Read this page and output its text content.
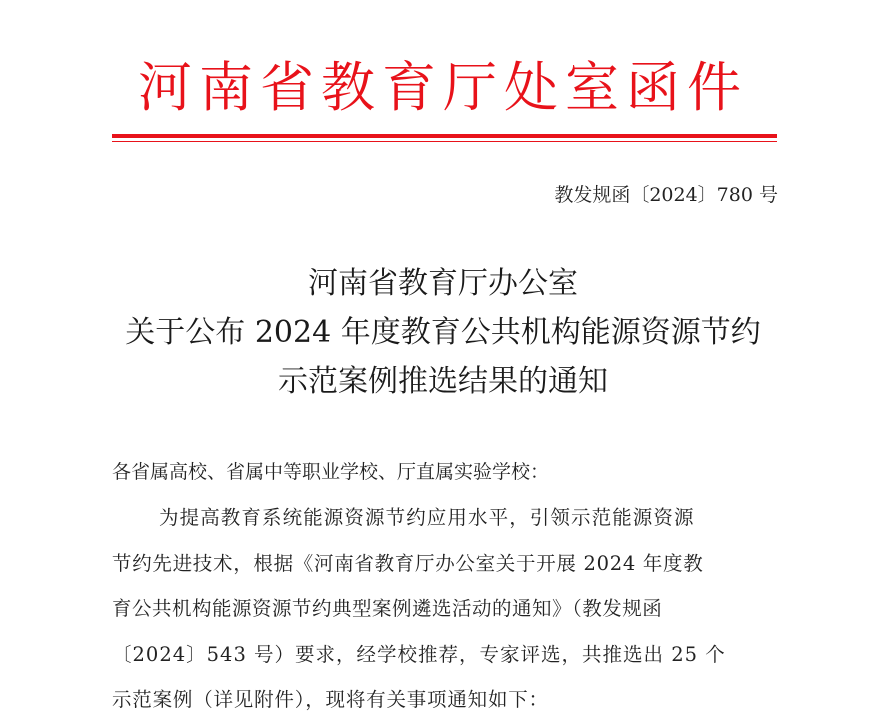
河南省教育厅处室函件
教发规函〔2024〕780 号
河南省教育厅办公室
关于公布 2024 年度教育公共机构能源资源节约
示范案例推选结果的通知
各省属高校、省属中等职业学校、厅直属实验学校：
为提高教育系统能源资源节约应用水平，引领示范能源资源
节约先进技术，根据《河南省教育厅办公室关于开展 2024 年度教
育公共机构能源资源节约典型案例遴选活动的通知》（教发规函
〔2024〕543 号）要求，经学校推荐，专家评选，共推选出 25 个
示范案例（详见附件），现将有关事项通知如下：
